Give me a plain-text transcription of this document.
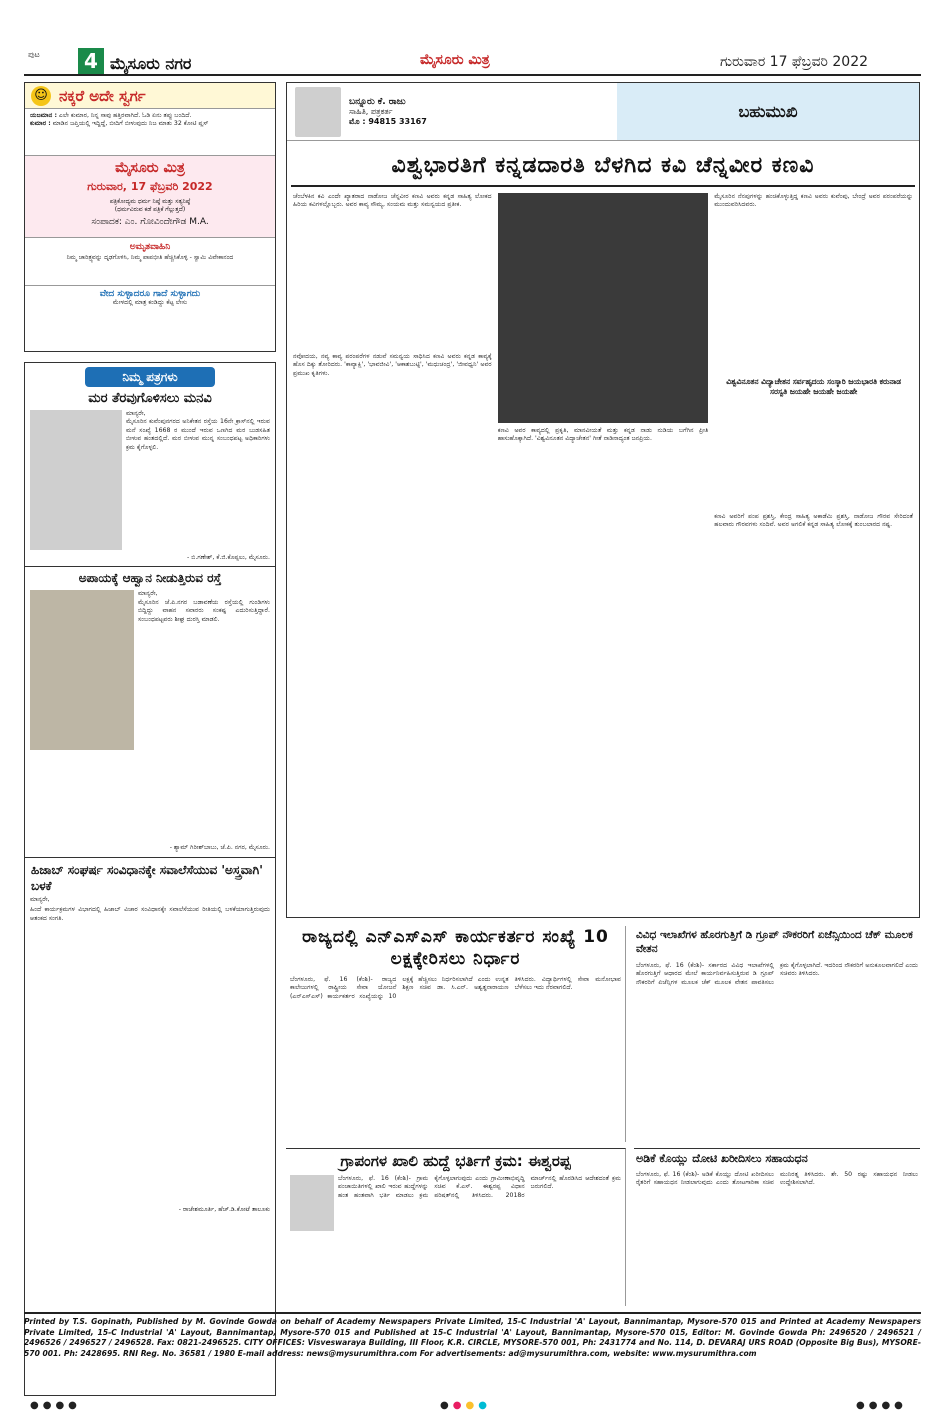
ಪುಟ	4 ಮೈಸೂರು ನಗರ	ಮೈಸೂರು ಮಿತ್ರ	ಗುರುವಾರ 17 ಫೆಬ್ರವರಿ 2022
☺ ನಕ್ಕರೆ ಅದೇ ಸ್ವರ್ಗ
ಯಜಮಾನ : ಎಲೇ ಕುಮಾರ, ನಿನ್ನ ಸಾವು ಹತ್ತಿರವಾಗಿದೆ. ಓಡಿ ಏನು ತಪ್ಪು ಬಂದಿದೆ.
ಕುಮಾರ : ಮಾಡಿನ ಜಪ್ತಿಯಲ್ಲಿ ಇದ್ದಿದ್ದೆ, ಬೀದಿಗೆ ಬೀಳುವುದು ನಿಜ ಮಾತು 32 ಕೋಟಿ ಪ್ಲಸ್
ಮೈಸೂರು ಮಿತ್ರ
ಗುರುವಾರ, 17 ಫೆಬ್ರವರಿ 2022
ಪತ್ರಿಕೋದ್ಯಮ ಧರ್ಮ ನಿಷ್ಠೆ ಮತ್ತು ಸತ್ಯನಿಷ್ಠೆ
(ಧರ್ಮವಿರುವ ಕಡೆ ಪತ್ರಿಕೆ ಗೆಲ್ಲುತ್ತದೆ)
ಸಂಪಾದಕ: ಎಂ. ಗೋವಿಂದೇಗೌಡ M.A.
ಅಮೃತವಾಹಿನಿ
ನಿಮ್ಮ ಚಾರಿತ್ರ್ಯವನ್ನು ದೃಢಗೊಳಿಸಿ, ನಿಮ್ಮ ಪಾಪಭೀತಿ ಹೆಚ್ಚಿಸಿಕೊಳ್ಳಿ - ಸ್ವಾಮಿ ವಿವೇಕಾನಂದ
ವೇದ ಸುಳ್ಳಾದರೂ ಗಾದೆ ಸುಳ್ಳಾಗದು
ಮೇಳದಲ್ಲಿ ಮಾತ್ರ ಕಂಡಿದ್ದು ಕೆಟ್ಟ ಲೇಸು
ನಿಮ್ಮ ಪತ್ರಗಳು
ಮರ ತೆರವುಗೊಳಿಸಲು ಮನವಿ
ಮಾನ್ಯರೇ,
ಮೈಸೂರಿನ ಕುವೆಂಪುನಗರದ ಅನಿಕೇತನ ರಸ್ತೆಯ 16ನೇ ಕ್ರಾಸ್‌ನಲ್ಲಿ ಇರುವ ಮನೆ ಸಂಖ್ಯೆ 1668 ರ ಮುಂದೆ ಇರುವ ಒಣಗಿದ ಮರ ಬುಡಸಹಿತ ಬೀಳುವ ಹಂತದಲ್ಲಿದೆ. ಮರ ಬೀಳುವ ಮುನ್ನ ಸಂಬಂಧಪಟ್ಟ ಅಧಿಕಾರಿಗಳು ಕ್ರಮ ಕೈಗೊಳ್ಳಲಿ.
- ಬಿ.ಗಣೇಶ್, ಕೆ.ಜಿ.ಕೊಪ್ಪಲು, ಮೈಸೂರು.
ಅಪಾಯಕ್ಕೆ ಆಹ್ವಾನ ನೀಡುತ್ತಿರುವ ರಸ್ತೆ
ಮಾನ್ಯರೇ,
ಮೈಸೂರಿನ ಜೆ.ಪಿ.ನಗರ ಬಡಾವಣೆಯ ರಸ್ತೆಯಲ್ಲಿ ಗುಂಡಿಗಳು ಬಿದ್ದಿದ್ದು ವಾಹನ ಸವಾರರು ಸಂಕಷ್ಟ ಎದುರಿಸುತ್ತಿದ್ದಾರೆ. ಸಂಬಂಧಪಟ್ಟವರು ಶೀಘ್ರ ದುರಸ್ತಿ ಮಾಡಲಿ.
- ಶ್ಯಾಮ್ ಗಿರೀಶ್‌ಬಾಬು, ಜೆ.ಪಿ. ನಗರ, ಮೈಸೂರು.
ಹಿಜಾಬ್ ಸಂಘರ್ಷ ಸಂವಿಧಾನಕ್ಕೇ ಸವಾಲೆಸೆಯುವ 'ಅಸ್ತ್ರವಾಗಿ' ಬಳಕೆ
ಮಾನ್ಯರೇ,
ಹಿಂದೆ ಕಾರ್ಯಕ್ರಮಗಳ ವಿಭಾಗದಲ್ಲಿ ಹಿಜಾಬ್ ವಿಚಾರ ಸಂವಿಧಾನಕ್ಕೇ ಸವಾಲೆಸೆಯುವ ರೀತಿಯಲ್ಲಿ ಬಳಕೆಯಾಗುತ್ತಿರುವುದು ಆತಂಕದ ಸಂಗತಿ.
- ರಾಜೇಶಮೂರ್ತಿ, ಹೆಚ್.ಡಿ.ಕೋಟೆ ತಾಲೂಕು
ಬನ್ನೂರು ಕೆ. ರಾಜು
ಸಾಹಿತಿ, ಪತ್ರಕರ್ತ
ಮೊ : 94815 33167
ಬಹುಮುಖಿ
ವಿಶ್ವಭಾರತಿಗೆ ಕನ್ನಡದಾರತಿ ಬೆಳಗಿದ ಕವಿ ಚೆನ್ನವೀರ ಕಣವಿ
ಚೆಂಬೆಳಕಿನ ಕವಿ ಎಂದೇ ಖ್ಯಾತರಾದ ನಾಡೋಜ ಚೆನ್ನವೀರ ಕಣವಿ ಅವರು ಕನ್ನಡ ಸಾಹಿತ್ಯ ಲೋಕದ ಹಿರಿಯ ಕವಿಗಳಲ್ಲೊಬ್ಬರು. ಅವರ ಕಾವ್ಯ ಸೌಮ್ಯ, ಸಂಯಮ ಮತ್ತು ಸಮನ್ವಯದ ಪ್ರತೀಕ.
ನವೋದಯ, ನವ್ಯ ಕಾವ್ಯ ಪರಂಪರೆಗಳ ನಡುವೆ ಸಮನ್ವಯ ಸಾಧಿಸಿದ ಕಣವಿ ಅವರು ಕನ್ನಡ ಕಾವ್ಯಕ್ಕೆ ಹೊಸ ದಿಕ್ಕು ತೋರಿದರು. 'ಕಾವ್ಯಾಕ್ಷಿ', 'ಭಾವಜೀವಿ', 'ಆಕಾಶಬುಟ್ಟಿ', 'ಮಧುಚಂದ್ರ', 'ಜೀವಧ್ವನಿ' ಅವರ ಪ್ರಮುಖ ಕೃತಿಗಳು.
ಕಣವಿ ಅವರ ಕಾವ್ಯದಲ್ಲಿ ಪ್ರಕೃತಿ, ಮಾನವೀಯತೆ ಮತ್ತು ಕನ್ನಡ ನಾಡು ನುಡಿಯ ಬಗೆಗಿನ ಪ್ರೀತಿ ಹಾಸುಹೊಕ್ಕಾಗಿದೆ. 'ವಿಶ್ವವಿನೂತನ ವಿದ್ಯಾಚೇತನ' ಗೀತೆ ನಾಡಿನಾದ್ಯಂತ ಜನಪ್ರಿಯ.
ಮೈಸೂರಿನ ನೆನಪುಗಳನ್ನು ಹಂಚಿಕೊಳ್ಳುತ್ತಿದ್ದ ಕಣವಿ ಅವರು ಕುವೆಂಪು, ಬೇಂದ್ರೆ ಅವರ ಪರಂಪರೆಯನ್ನು ಮುಂದುವರಿಸಿದವರು.
ವಿಶ್ವವಿನೂತನ ವಿದ್ಯಾಚೇತನ ಸರ್ವಹೃದಯ ಸಂಸ್ಕಾರಿ ಜಯಭಾರತಿ ಕರುನಾಡ ಸರಸ್ವತಿ ಜಯಹೇ ಜಯಹೇ ಜಯಹೇ
ಕಣವಿ ಅವರಿಗೆ ಪಂಪ ಪ್ರಶಸ್ತಿ, ಕೇಂದ್ರ ಸಾಹಿತ್ಯ ಅಕಾಡೆಮಿ ಪ್ರಶಸ್ತಿ, ನಾಡೋಜ ಗೌರವ ಸೇರಿದಂತೆ ಹಲವಾರು ಗೌರವಗಳು ಸಂದಿವೆ. ಅವರ ಅಗಲಿಕೆ ಕನ್ನಡ ಸಾಹಿತ್ಯ ಲೋಕಕ್ಕೆ ತುಂಬಲಾರದ ನಷ್ಟ.
ರಾಜ್ಯದಲ್ಲಿ ಎನ್‌ಎಸ್‌ಎಸ್ ಕಾರ್ಯಕರ್ತರ ಸಂಖ್ಯೆ 10 ಲಕ್ಷಕ್ಕೇರಿಸಲು ನಿರ್ಧಾರ
ಬೆಂಗಳೂರು, ಫೆ. 16 (ಕೆಂಶಿ)- ರಾಜ್ಯದ ಕಾಲೇಜುಗಳಲ್ಲಿ ರಾಷ್ಟ್ರೀಯ ಸೇವಾ ಯೋಜನೆ (ಎನ್‌ಎಸ್‌ಎಸ್) ಕಾರ್ಯಕರ್ತರ ಸಂಖ್ಯೆಯನ್ನು 10 ಲಕ್ಷಕ್ಕೆ ಹೆಚ್ಚಿಸಲು ನಿರ್ಧರಿಸಲಾಗಿದೆ ಎಂದು ಉನ್ನತ ಶಿಕ್ಷಣ ಸಚಿವ ಡಾ. ಸಿ.ಎನ್. ಅಶ್ವತ್ಥನಾರಾಯಣ ತಿಳಿಸಿದರು. ವಿದ್ಯಾರ್ಥಿಗಳಲ್ಲಿ ಸೇವಾ ಮನೋಭಾವ ಬೆಳೆಸಲು ಇದು ನೆರವಾಗಲಿದೆ.
ಗ್ರಾಪಂಗಳ ಖಾಲಿ ಹುದ್ದೆ ಭರ್ತಿಗೆ ಕ್ರಮ: ಈಶ್ವರಪ್ಪ
ಬೆಂಗಳೂರು, ಫೆ. 16 (ಕೆಂಶಿ)- ಗ್ರಾಮ ಪಂಚಾಯಿತಿಗಳಲ್ಲಿ ಖಾಲಿ ಇರುವ ಹುದ್ದೆಗಳನ್ನು ಹಂತ ಹಂತವಾಗಿ ಭರ್ತಿ ಮಾಡಲು ಕ್ರಮ ಕೈಗೊಳ್ಳಲಾಗುವುದು ಎಂದು ಗ್ರಾಮೀಣಾಭಿವೃದ್ಧಿ ಸಚಿವ ಕೆ.ಎಸ್. ಈಶ್ವರಪ್ಪ ವಿಧಾನ ಪರಿಷತ್‌ನಲ್ಲಿ ತಿಳಿಸಿದರು. 2018ರ ಮಾರ್ಚ್‌ನಲ್ಲಿ ಹೊರಡಿಸಿದ ಆದೇಶದಂತೆ ಕ್ರಮ ಜರುಗಲಿದೆ.
ವಿವಿಧ ಇಲಾಖೆಗಳ ಹೊರಗುತ್ತಿಗೆ ಡಿ ಗ್ರೂಪ್ ನೌಕರರಿಗೆ ಏಜೆನ್ಸಿಯಿಂದ ಚೆಕ್ ಮೂಲಕ ವೇತನ
ಬೆಂಗಳೂರು, ಫೆ. 16 (ಕೆಂಶಿ)- ಸರ್ಕಾರದ ವಿವಿಧ ಇಲಾಖೆಗಳಲ್ಲಿ ಹೊರಗುತ್ತಿಗೆ ಆಧಾರದ ಮೇಲೆ ಕಾರ್ಯನಿರ್ವಹಿಸುತ್ತಿರುವ ಡಿ ಗ್ರೂಪ್ ನೌಕರರಿಗೆ ಏಜೆನ್ಸಿಗಳ ಮೂಲಕ ಚೆಕ್ ಮೂಲಕ ವೇತನ ಪಾವತಿಸಲು ಕ್ರಮ ಕೈಗೊಳ್ಳಲಾಗಿದೆ. ಇದರಿಂದ ನೌಕರರಿಗೆ ಅನುಕೂಲವಾಗಲಿದೆ ಎಂದು ಸಚಿವರು ತಿಳಿಸಿದರು.
ಅಡಿಕೆ ಕೊಯ್ಲು ದೋಟಿ ಖರೀದಿಸಲು ಸಹಾಯಧನ
ಬೆಂಗಳೂರು, ಫೆ. 16 (ಕೆಂಶಿ)- ಅಡಿಕೆ ಕೊಯ್ಲು ದೋಟಿ ಖರೀದಿಸಲು ರೈತರಿಗೆ ಸಹಾಯಧನ ನೀಡಲಾಗುವುದು ಎಂದು ತೋಟಗಾರಿಕಾ ಸಚಿವ ಮುನಿರತ್ನ ತಿಳಿಸಿದರು. ಶೇ. 50 ರಷ್ಟು ಸಹಾಯಧನ ನೀಡಲು ಉದ್ದೇಶಿಸಲಾಗಿದೆ.
Printed by T.S. Gopinath, Published by M. Govinde Gowda on behalf of Academy Newspapers Private Limited, 15-C Industrial 'A' Layout, Bannimantap, Mysore-570 015 and Printed at Academy Newspapers Private Limited, 15-C Industrial 'A' Layout, Bannimantap, Mysore-570 015 and Published at 15-C Industrial 'A' Layout, Bannimantap, Mysore-570 015, Editor: M. Govinde Gowda Ph: 2496520 / 2496521 / 2496526 / 2496527 / 2496528. Fax: 0821-2496525. CITY OFFICES: Visveswaraya Building, III Floor, K.R. CIRCLE, MYSORE-570 001, Ph: 2431774 and No. 114, D. DEVARAJ URS ROAD (Opposite Big Bus), MYSORE-570 001. Ph: 2428695. RNI Reg. No. 36581 / 1980 E-mail address: news@mysurumithra.com For advertisements: ad@mysurumithra.com, website: www.mysurumithra.com
●●●●	●●●●	●●●●
